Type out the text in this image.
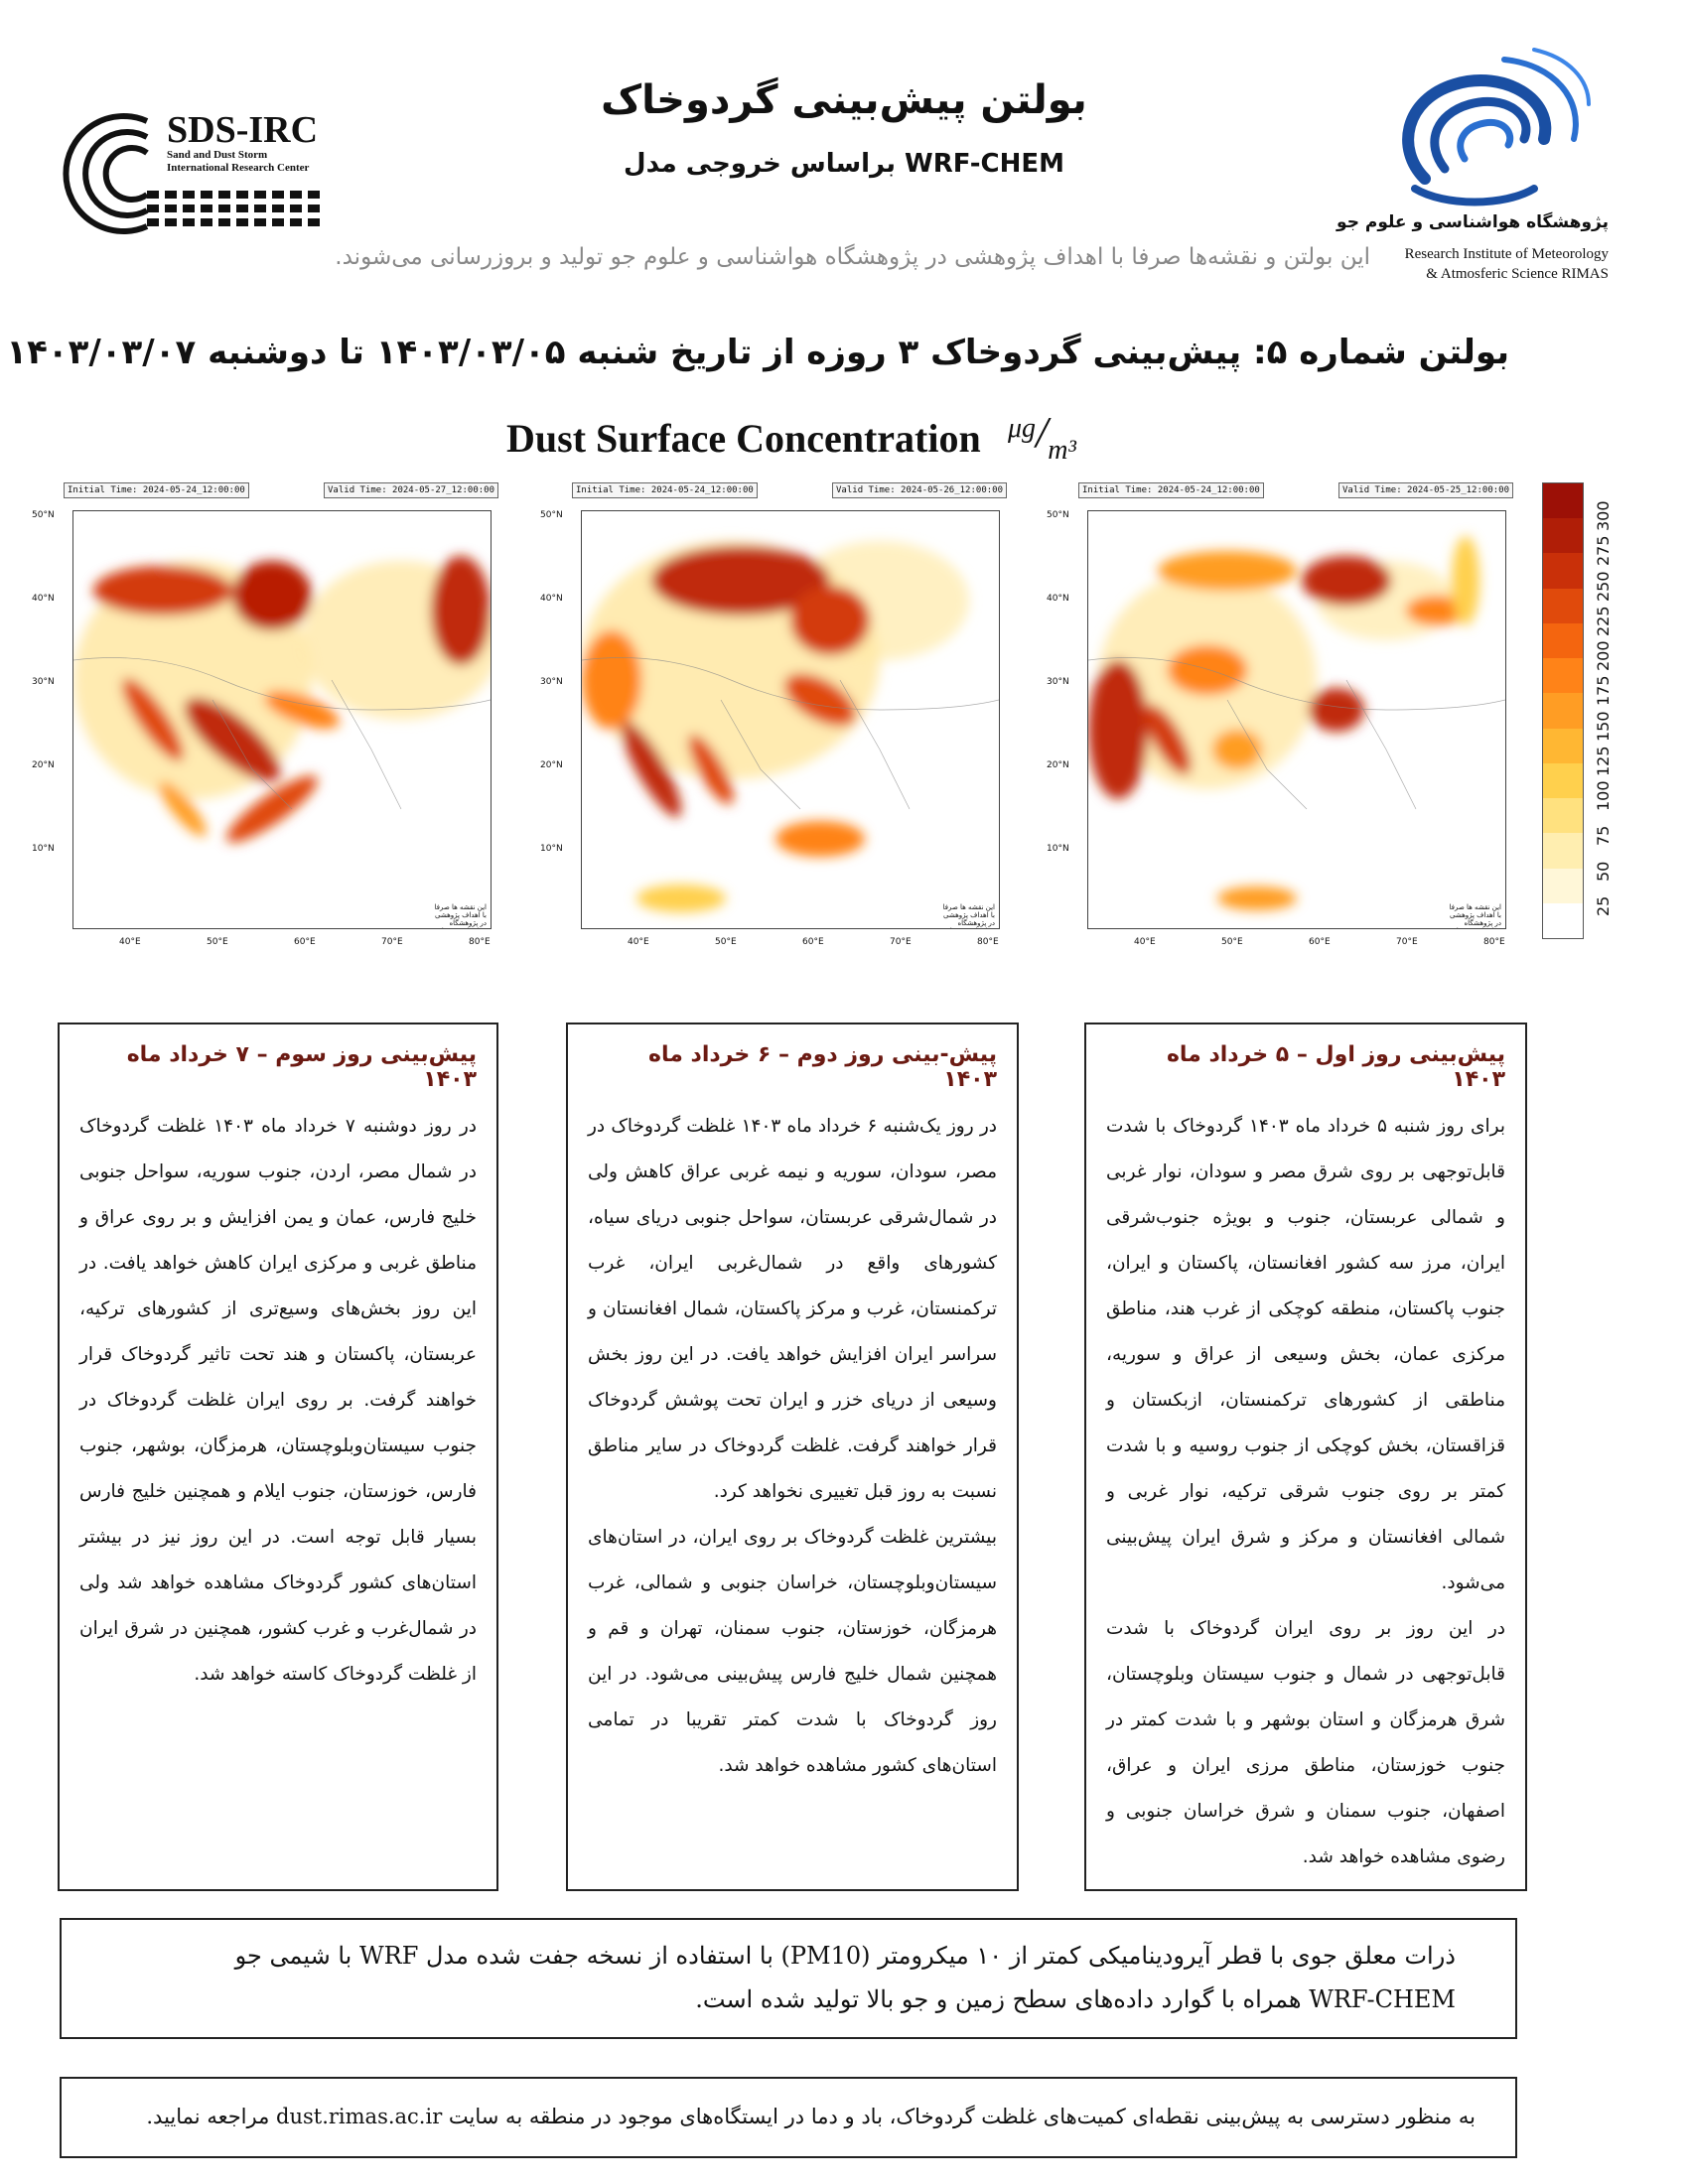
SDS-IRC
Sand and Dust Storm
International Research Center
بولتن پیش‌بینی گردوخاک
براساس خروجی مدل WRF-CHEM
پژوهشگاه هواشناسی و علوم جو
Research Institute of Meteorology
& Atmosferic Science RIMAS
این بولتن و نقشه‌ها صرفا با اهداف پژوهشی در پژوهشگاه هواشناسی و علوم جو تولید و بروزرسانی می‌شوند.
بولتن شماره ۵: پیش‌بینی گردوخاک ۳ روزه از تاریخ شنبه ۱۴۰۳/۰۳/۰۵ تا دوشنبه ۱۴۰۳/۰۳/۰۷
Dust Surface Concentration $^{\mu g}/_{m^3}$
Initial Time: 2024-05-24_12:00:00	Valid Time: 2024-05-27_12:00:00
این نقشه ها صرفا با اهداف پژوهشی در پژوهشگاه
50°N
40°N
30°N
20°N
10°N
40°E	50°E	60°E	70°E	80°E
Initial Time: 2024-05-24_12:00:00	Valid Time: 2024-05-26_12:00:00
این نقشه ها صرفا با اهداف پژوهشی در پژوهشگاه
50°N
40°N
30°N
20°N
10°N
40°E	50°E	60°E	70°E	80°E
Initial Time: 2024-05-24_12:00:00	Valid Time: 2024-05-25_12:00:00
این نقشه ها صرفا با اهداف پژوهشی در پژوهشگاه
50°N
40°N
30°N
20°N
10°N
40°E	50°E	60°E	70°E	80°E
25
50
75
100
125
150
175
200
225
250
275
300
پیش‌بینی روز سوم – ۷ خرداد ماه ۱۴۰۳

در روز دوشنبه ۷ خرداد ماه ۱۴۰۳ غلظت گردوخاک در شمال مصر، اردن، جنوب سوریه، سواحل جنوبی خلیج فارس، عمان و یمن افزایش و بر روی عراق و مناطق غربی و مرکزی ایران کاهش خواهد یافت. در این روز بخش‌های وسیع‌تری از کشورهای ترکیه، عربستان، پاکستان و هند تحت تاثیر گردوخاک قرار خواهند گرفت. بر روی ایران غلظت گردوخاک در جنوب سیستان‌وبلوچستان، هرمزگان، بوشهر، جنوب فارس، خوزستان، جنوب ایلام و همچنین خلیج فارس بسیار قابل توجه است. در این روز نیز در بیشتر استان‌های کشور گردوخاک مشاهده خواهد شد ولی در شمال‌غرب و غرب کشور، همچنین در شرق ایران از غلظت گردوخاک کاسته خواهد شد.

پیش-بینی روز دوم – ۶ خرداد ماه ۱۴۰۳

در روز یک‌شنبه ۶ خرداد ماه ۱۴۰۳ غلظت گردوخاک در مصر، سودان، سوریه و نیمه غربی عراق کاهش ولی در شمال‌شرقی عربستان، سواحل جنوبی دریای سیاه، کشورهای واقع در شمال‌غربی ایران، غرب ترکمنستان، غرب و مرکز پاکستان، شمال افغانستان و سراسر ایران افزایش خواهد یافت. در این روز بخش وسیعی از دریای خزر و ایران تحت پوشش گردوخاک قرار خواهند گرفت. غلظت گردوخاک در سایر مناطق نسبت به روز قبل تغییری نخواهد کرد.

بیشترین غلظت گردوخاک بر روی ایران، در استان‌های سیستان‌وبلوچستان، خراسان جنوبی و شمالی، غرب هرمزگان، خوزستان، جنوب سمنان، تهران و قم و همچنین شمال خلیج فارس پیش‌بینی می‌شود. در این روز گردوخاک با شدت کمتر تقریبا در تمامی استان‌های کشور مشاهده خواهد شد.

پیش‌بینی روز اول – ۵ خرداد ماه ۱۴۰۳

برای روز شنبه ۵ خرداد ماه ۱۴۰۳ گردوخاک با شدت قابل‌توجهی بر روی شرق مصر و سودان، نوار غربی و شمالی عربستان، جنوب و بویژه جنوب‌شرقی ایران، مرز سه کشور افغانستان، پاکستان و ایران، جنوب پاکستان، منطقه کوچکی از غرب هند، مناطق مرکزی عمان، بخش وسیعی از عراق و سوریه، مناطقی از کشورهای ترکمنستان، ازبکستان و قزاقستان، بخش کوچکی از جنوب روسیه و با شدت کمتر بر روی جنوب شرقی ترکیه، نوار غربی و شمالی افغانستان و مرکز و شرق ایران پیش‌بینی می‌شود.

در این روز بر روی ایران گردوخاک با شدت قابل‌توجهی در شمال و جنوب سیستان وبلوچستان، شرق هرمزگان و استان بوشهر و با شدت کمتر در جنوب خوزستان، مناطق مرزی ایران و عراق، اصفهان، جنوب سمنان و شرق خراسان جنوبی و رضوی مشاهده خواهد شد.

ذرات معلق جوی با قطر آیرودینامیکی کمتر از ۱۰ میکرومتر (PM10) با استفاده از نسخه جفت شده مدل WRF با شیمی جو
WRF-CHEM همراه با گوارد داده‌های سطح زمین و جو بالا تولید شده است.

به منظور دسترسی به پیش‌بینی نقطه‌ای کمیت‌های غلظت گردوخاک، باد و دما در ایستگاه‌های موجود در منطقه به سایت dust.rimas.ac.ir مراجعه نمایید.
